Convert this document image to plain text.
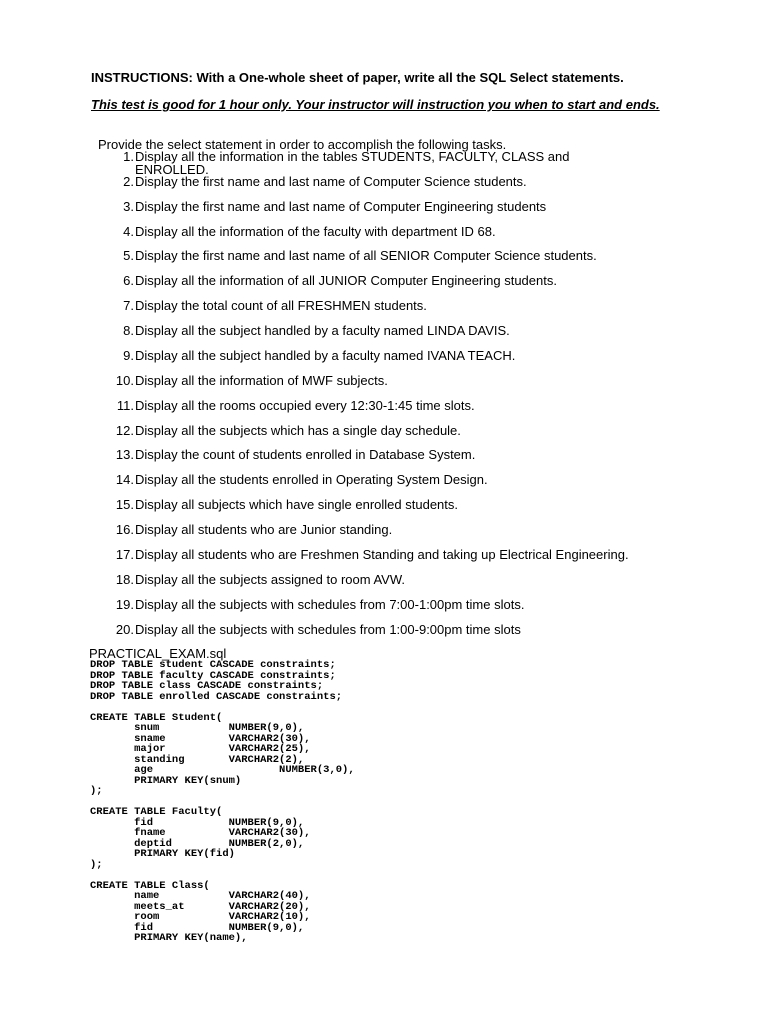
INSTRUCTIONS: With a One-whole sheet of paper, write all the SQL Select statements.
This test is good for 1 hour only. Your instructor will instruction you when to start and ends.
Provide the select statement in order to accomplish the following tasks.
1. Display all the information in the tables STUDENTS, FACULTY, CLASS and ENROLLED.
2. Display the first name and last name of Computer Science students.
3. Display the first name and last name of Computer Engineering students
4. Display all the information of the faculty with department ID 68.
5. Display the first name and last name of all SENIOR Computer Science students.
6. Display all the information of all JUNIOR Computer Engineering students.
7. Display the total count of all FRESHMEN students.
8. Display all the subject handled by a faculty named LINDA DAVIS.
9. Display all the subject handled by a faculty named IVANA TEACH.
10. Display all the information of MWF subjects.
11. Display all the rooms occupied every 12:30-1:45 time slots.
12. Display all the subjects which has a single day schedule.
13. Display the count of students enrolled in Database System.
14. Display all the students enrolled in Operating System Design.
15. Display all subjects which have single enrolled students.
16. Display all students who are Junior standing.
17. Display all students who are Freshmen Standing and taking up Electrical Engineering.
18. Display all the subjects assigned to room AVW.
19. Display all the subjects with schedules from 7:00-1:00pm time slots.
20. Display all the subjects with schedules from 1:00-9:00pm time slots
PRACTICAL_EXAM.sql
DROP TABLE student CASCADE constraints;
DROP TABLE faculty CASCADE constraints;
DROP TABLE class CASCADE constraints;
DROP TABLE enrolled CASCADE constraints;
CREATE TABLE Student(
snum           NUMBER(9,0),
sname          VARCHAR2(30),
major          VARCHAR2(25),
standing       VARCHAR2(2),
age                    NUMBER(3,0),
PRIMARY KEY(snum)
);
CREATE TABLE Faculty(
fid            NUMBER(9,0),
fname          VARCHAR2(30),
deptid         NUMBER(2,0),
PRIMARY KEY(fid)
);
CREATE TABLE Class(
name           VARCHAR2(40),
meets_at       VARCHAR2(20),
room           VARCHAR2(10),
fid            NUMBER(9,0),
PRIMARY KEY(name),
